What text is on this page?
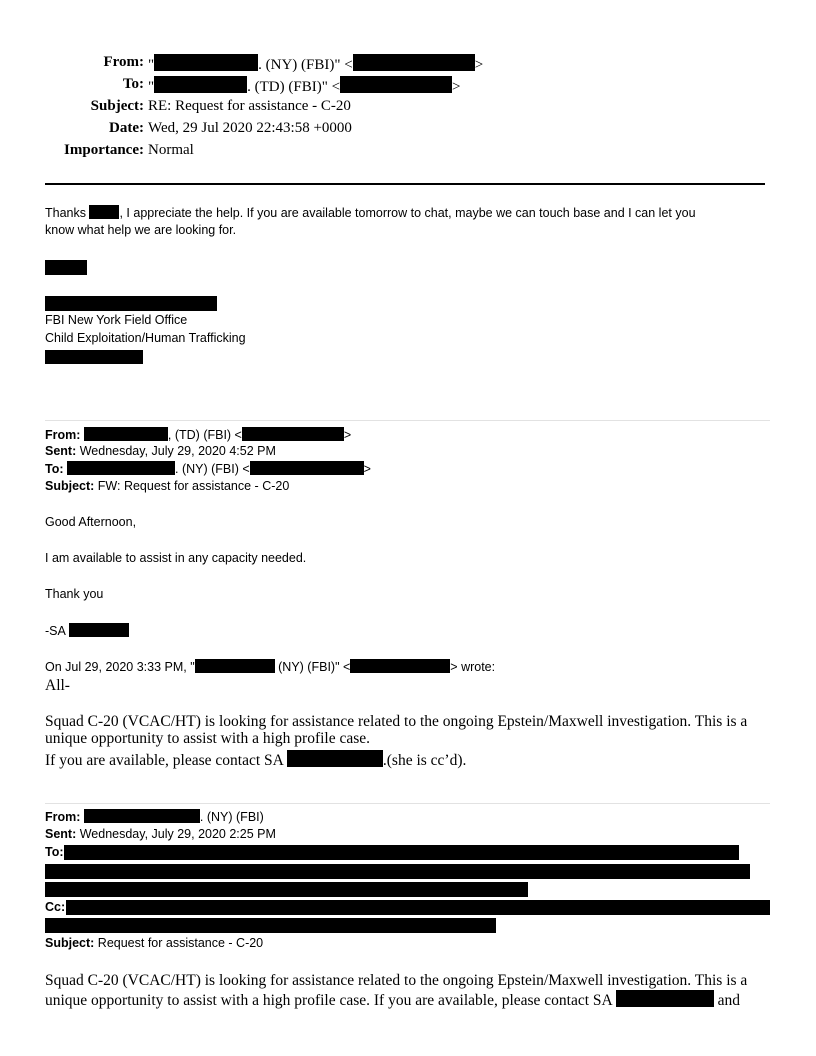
From: "	. (NY) (FBI)" <	>
To: "	. (TD) (FBI)" <	>
Subject: RE: Request for assistance - C-20
Date: Wed, 29 Jul 2020 22:43:58 +0000
Importance: Normal
Thanks	, I appreciate the help. If you are available tomorrow to chat, maybe we can touch base and I can let you
know what help we are looking for.
FBI New York Field Office
Child Exploitation/Human Trafficking
From:	, (TD) (FBI) <	>
Sent: Wednesday, July 29, 2020 4:52 PM
To:	. (NY) (FBI) <	>
Subject: FW: Request for assistance - C-20
Good Afternoon,
I am available to assist in any capacity needed.
Thank you
-SA
On Jul 29, 2020 3:33 PM, "	(NY) (FBI)" <	> wrote:
All-
Squad C-20 (VCAC/HT) is looking for assistance related to the ongoing Epstein/Maxwell investigation. This is a
unique opportunity to assist with a high profile case.
If you are available, please contact SA	.(she is cc’d).
From:	. (NY) (FBI)
Sent: Wednesday, July 29, 2020 2:25 PM
To:
Cc:
Subject: Request for assistance - C-20
Squad C-20 (VCAC/HT) is looking for assistance related to the ongoing Epstein/Maxwell investigation. This is a
unique opportunity to assist with a high profile case. If you are available, please contact SA	and
